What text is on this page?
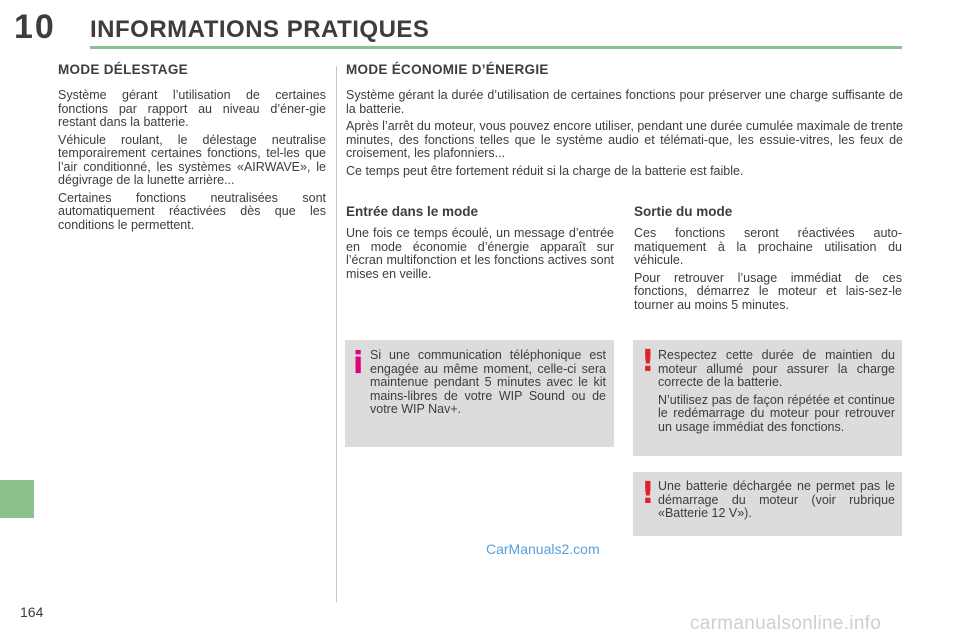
10 INFORMATIONS PRATIQUES
MODE DÉLESTAGE

Système gérant l’utilisation de certaines fonctions par rapport au niveau d’éner-gie restant dans la batterie.

Véhicule roulant, le délestage neutralise temporairement certaines fonctions, tel-les que l’air conditionné, les systèmes «AIRWAVE», le dégivrage de la lunette arrière...

Certaines fonctions neutralisées sont automatiquement réactivées dès que les conditions le permettent.

MODE ÉCONOMIE D’ÉNERGIE

Système gérant la durée d’utilisation de certaines fonctions pour préserver une charge suffisante de la batterie.

Après l’arrêt du moteur, vous pouvez encore utiliser, pendant une durée cumulée maximale de trente minutes, des fonctions telles que le système audio et télémati-que, les essuie-vitres, les feux de croisement, les plafonniers...

Ce temps peut être fortement réduit si la charge de la batterie est faible.

Entrée dans le mode

Une fois ce temps écoulé, un message d’entrée en mode économie d’énergie apparaît sur l’écran multifonction et les fonctions actives sont mises en veille.

Sortie du mode

Ces fonctions seront réactivées auto-matiquement à la prochaine utilisation du véhicule.

Pour retrouver l’usage immédiat de ces fonctions, démarrez le moteur et lais-sez-le tourner au moins 5 minutes.

i Si une communication téléphonique est engagée au même moment, celle-ci sera maintenue pendant 5 minutes avec le kit mains-libres de votre WIP Sound ou de votre WIP Nav+.

! Respectez cette durée de maintien du moteur allumé pour assurer la charge correcte de la batterie.

N’utilisez pas de façon répétée et continue le redémarrage du moteur pour retrouver un usage immédiat des fonctions.

! Une batterie déchargée ne permet pas le démarrage du moteur (voir rubrique «Batterie 12 V»).

CarManuals2.com
164
carmanualsonline.info
